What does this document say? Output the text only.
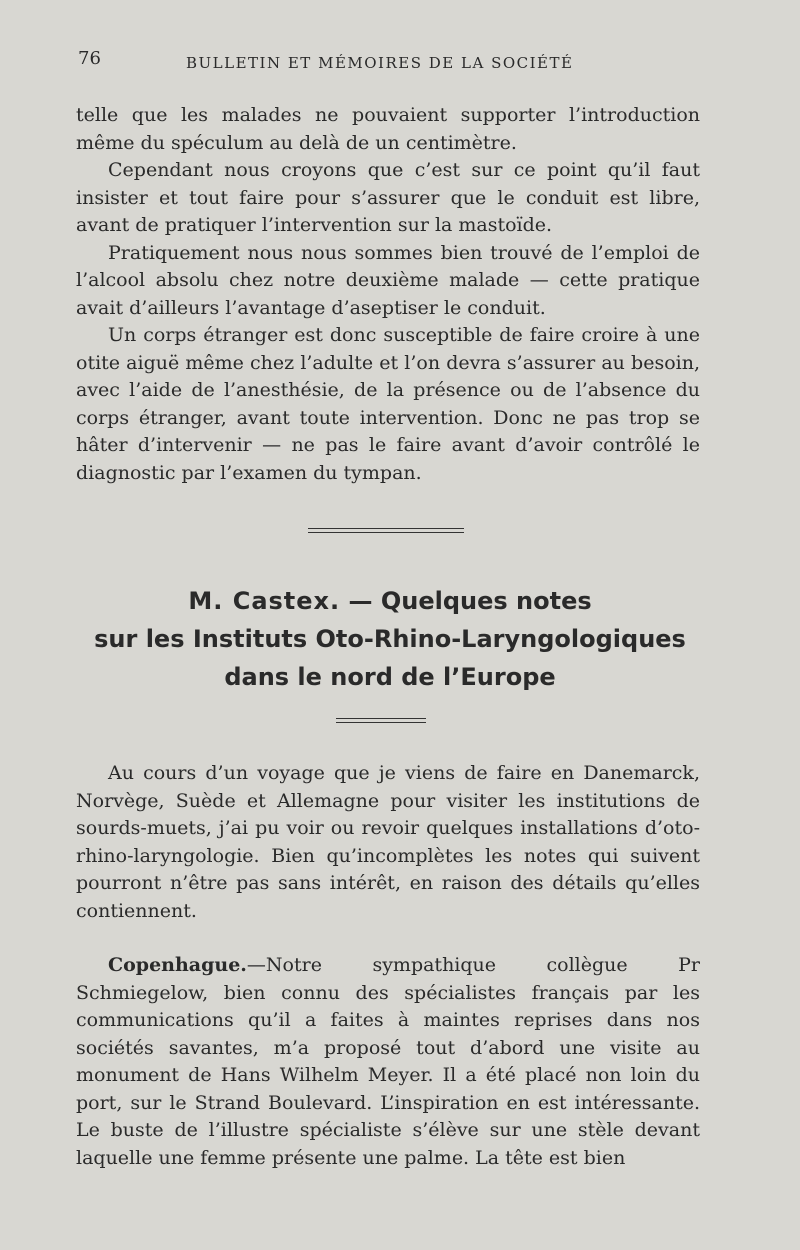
76	BULLETIN ET MÉMOIRES DE LA SOCIÉTÉ

telle que les malades ne pouvaient supporter l’introduction même du spéculum au delà de un centimètre.

Cependant nous croyons que c’est sur ce point qu’il faut insister et tout faire pour s’assurer que le conduit est libre, avant de pratiquer l’intervention sur la mastoïde.

Pratiquement nous nous sommes bien trouvé de l’emploi de l’alcool absolu chez notre deuxième malade — cette pratique avait d’ailleurs l’avantage d’aseptiser le conduit.

Un corps étranger est donc susceptible de faire croire à une otite aiguë même chez l’adulte et l’on devra s’assurer au besoin, avec l’aide de l’anesthésie, de la présence ou de l’absence du corps étranger, avant toute intervention. Donc ne pas trop se hâter d’intervenir — ne pas le faire avant d’avoir contrôlé le diagnostic par l’examen du tympan.

M. Castex. — Quelques notes
sur les Instituts Oto-Rhino-Laryngologiques
dans le nord de l’Europe

Au cours d’un voyage que je viens de faire en Danemarck, Norvège, Suède et Allemagne pour visiter les institutions de sourds-muets, j’ai pu voir ou revoir quelques installations d’oto-rhino-laryngologie. Bien qu’incomplètes les notes qui suivent pourront n’être pas sans intérêt, en raison des détails qu’elles contiennent.

Copenhague.—Notre sympathique collègue Pr Schmiegelow, bien connu des spécialistes français par les communications qu’il a faites à maintes reprises dans nos sociétés savantes, m’a proposé tout d’abord une visite au monument de Hans Wilhelm Meyer. Il a été placé non loin du port, sur le Strand Boulevard. L’inspiration en est intéressante. Le buste de l’illustre spécialiste s’élève sur une stèle devant laquelle une femme présente une palme. La tête est bien
